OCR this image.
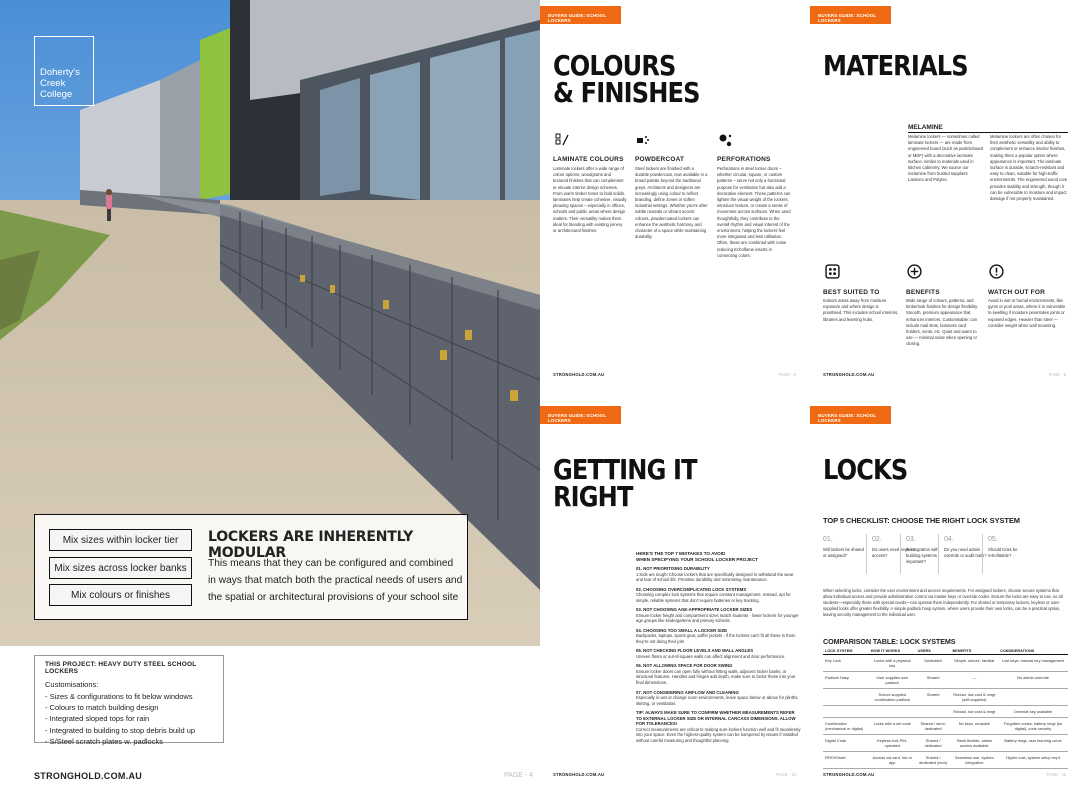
Doherty's
Creek
College
Mix sizes within locker tier
Mix sizes across locker banks
Mix colours or finishes
LOCKERS ARE INHERENTLY MODULAR
This means that they can be configured and combined in ways that match both the practical needs of users and the spatial or architectural provisions of your school site
THIS PROJECT: HEAVY DUTY STEEL SCHOOL LOCKERS
Customisations:
- Sizes & configurations to fit below windows
- Colours to match building design
- Integrated sloped tops for rain
- Integrated to building to stop debris build up
- S/Steel scratch plates w. padlocks
STRONGHOLD.COM.AU	PAGE - 4
BUYERS GUIDE: SCHOOL LOCKERS
COLOURS
& FINISHES
LAMINATE COLOURS
Laminate lockers offer a wide range of colour options, woodgrains and textured finishes that can complement or elevate interior design schemes. From warm timber tones to bold solids, laminates help create cohesive, visually pleasing spaces – especially in offices, schools and public areas where design matters. Their versatility makes them ideal for blending with existing joinery or architectural finishes.
POWDERCOAT
Steel lockers are finished with a durable powdercoat, now available in a broad palette beyond the traditional greys. Architects and designers are increasingly using colour to reflect branding, define zones or soften industrial settings. Whether you're after subtle neutrals or vibrant accent colours, powdercoated lockers can enhance the aesthetic harmony and character of a space while maintaining durability.
PERFORATIONS
Perforations in steel locker doors – whether circular, square, or custom patterns – serve not only a functional purpose for ventilation but also add a decorative element. These patterns can lighten the visual weight of the lockers, introduce texture, or create a sense of movement across surfaces. When used thoughtfully, they contribute to the overall rhythm and visual interest of the environment, helping the lockers feel more integrated and less utilitarian. Often, these are combined with noise reducing Echoflame inserts in connecting colors.
STRONGHOLD.COM.AU	PAGE - 8
BUYERS GUIDE: SCHOOL LOCKERS
MATERIALS
MELAMINE
Melamine lockers — sometimes called laminate lockers — are made from engineered board (such as particleboard or MDF) with a decorative laminate surface, similar to materials used in kitchen cabinetry. We source our melamine from trusted suppliers Laminex and Polytec.
Melamine lockers are often chosen for their aesthetic versatility and ability to complement or enhance interior finishes, making them a popular option where appearance is important. The laminate surface is durable, scratch-resistant and easy to clean, suitable for high-traffic environments. The engineered wood core provides stability and strength, though it can be vulnerable to moisture and impact damage if not properly maintained.
BEST SUITED TO
Indoors areas away from moisture exposure and where design is prioritised. This includes school interiors, libraries and learning hubs.
BENEFITS
Wide range of colours, patterns, and timberlook finishes for design flexibility. Smooth, premium appearance that enhances interiors. Customisable: can include mail slots, business card holders, vents, etc. Quiet and warm to use — minimal noise when opening or closing.
WATCH OUT FOR
Avoid in wet or humid environments, like gyms or pool areas, where it is vulnerable to swelling if moisture penetrates joints or exposed edges. Heavier than steel — consider weight when wall mounting.
STRONGHOLD.COM.AU	PAGE - 9
BUYERS GUIDE: SCHOOL LOCKERS
GETTING IT RIGHT
HERE'S THE TOP 7 MISTAKES TO AVOID
WHEN SPECIFYING YOUR SCHOOL LOCKER PROJECT
01. NOT PRIORITISING DURABILITY
1.Kids are tough! Choose lockers that are specifically designed to withstand the wear and tear of school life. Prioritise durability and minimising maintenance.
02. CHOOSING OVERCOMPLICATED LOCK SYSTEMS
Choosing complex lock systems that require constant management. Instead, opt for simple, reliable systems that don't require batteries or key tracking.
03. NOT CHOOSING AGE-APPROPRIATE LOCKER SIZES
Ensure locker height and compartment sizes match students - lower lockers for younger age groups like kindergartens and primary schools.
04. CHOOSING TOO SMALL A LOCKER SIZE
Backpacks, laptops, sports gear, puffer jackets - if the lockers can't fit all these in them they're not doing their job!
05. NOT CHECKING FLOOR LEVELS AND WALL ANGLES
Uneven floors or out-of-square walls can affect alignment and door performance.
06. NOT ALLOWING SPACE FOR DOOR SWING
Ensure locker doors can open fully without hitting walls, adjacent locker banks, or structural features. Handles and hinges add depth, make sure to factor these into your final dimensions.
07. NOT CONSIDERING AIRFLOW AND CLEANING
Especially in wet or change room environments, leave space below or above for plinths, skirting, or ventilation.
TIP: ALWAYS MAKE SURE TO CONFIRM WHETHER MEASUREMENTS REFER TO EXTERNAL LOCKER SIZE OR INTERNAL CARCASS DIMENSIONS. ALLOW FOR TOLERANCES!
Correct measurements are critical to making sure lockers function well and fit seamlessly into your space. Even the highest-quality system can be hampered by issues if installed without careful measuring and thoughtful planning.
STRONGHOLD.COM.AU	PAGE - 10
BUYERS GUIDE: SCHOOL LOCKERS
LOCKS
TOP 5 CHECKLIST: CHOOSE THE RIGHT LOCK SYSTEM
01.
Will lockers be shared or assigned?
02.
Do users need keyless access?
03.
Is integration with building systems important?
04.
Do you need admin override or audit trails?
05.
Should locks be retrofittable?
When selecting locks, consider the user environment and access requirements. For assigned lockers, choose secure systems that allow individual access and provide administrative control via master keys or override codes. Ensure the locks are easy to use, so all students—especially those with special needs—can operate them independently. For shared or temporary lockers, keyless or user-supplied locks offer greater flexibility. A simple padlock hasp system, where users provide their own locks, can be a practical option, leaving security management to the individual user.
COMPARISON TABLE: LOCK SYSTEMS
LOCK SYSTEM	HOW IT WORKS	USERS	BENEFITS	CONSIDERATIONS
Key Lock	Locks with a physical key	Dedicated	Simple, secure, familiar	Lost keys; manual key management
Padlock Hasp	User supplies own padlock	Shared	—	No admin override
	School supplied combination padlock	Shared	Robust, low cost & mngt (self-supplied)	
			Robust, low cost & mngt	Override key available
Combination (mechanical or digital)	Locks with a set code	Shared / semi-dedicated	No keys, reusable	Forgotten codes, battery mngt (for digital), code security
Digital Code	Keyless lock PIN-operated	Shared / dedicated	Sleek flexible, admin access available	Battery mngt, user learning curve
RFID/Smart	Access via card, fob or app	Shared / dedicated (tech)	Seamless use, system integration	Higher cost, system setup req'd
STRONGHOLD.COM.AU	PAGE - 11
